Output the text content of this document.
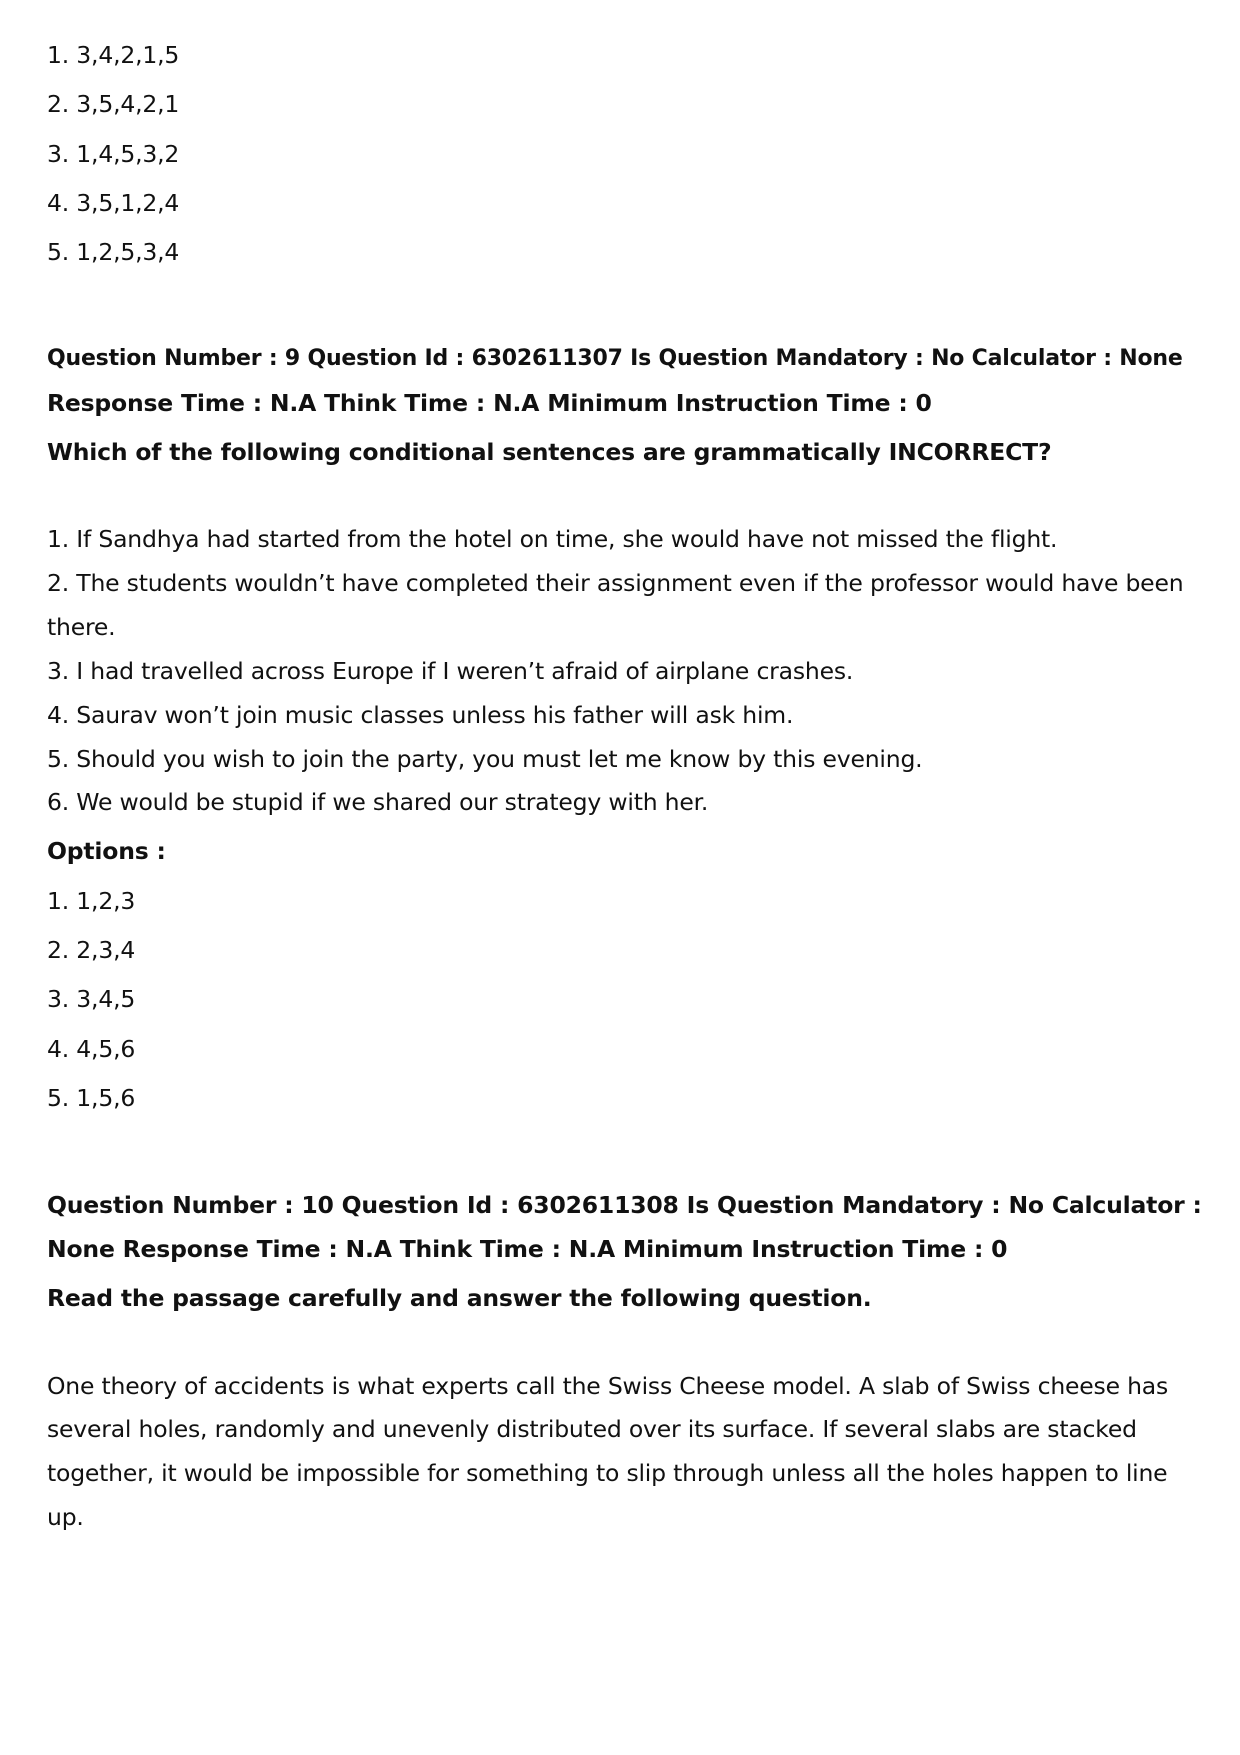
1. 3,4,2,1,5
2. 3,5,4,2,1
3. 1,4,5,3,2
4. 3,5,1,2,4
5. 1,2,5,3,4
Question Number : 9 Question Id : 6302611307 Is Question Mandatory : No Calculator : None
Response Time : N.A Think Time : N.A Minimum Instruction Time : 0
Which of the following conditional sentences are grammatically INCORRECT?
1. If Sandhya had started from the hotel on time, she would have not missed the flight.
2. The students wouldn’t have completed their assignment even if the professor would have been
there.
3. I had travelled across Europe if I weren’t afraid of airplane crashes.
4. Saurav won’t join music classes unless his father will ask him.
5. Should you wish to join the party, you must let me know by this evening.
6. We would be stupid if we shared our strategy with her.
Options :
1. 1,2,3
2. 2,3,4
3. 3,4,5
4. 4,5,6
5. 1,5,6
Question Number : 10 Question Id : 6302611308 Is Question Mandatory : No Calculator :
None Response Time : N.A Think Time : N.A Minimum Instruction Time : 0
Read the passage carefully and answer the following question.
One theory of accidents is what experts call the Swiss Cheese model. A slab of Swiss cheese has
several holes, randomly and unevenly distributed over its surface. If several slabs are stacked
together, it would be impossible for something to slip through unless all the holes happen to line
up.
